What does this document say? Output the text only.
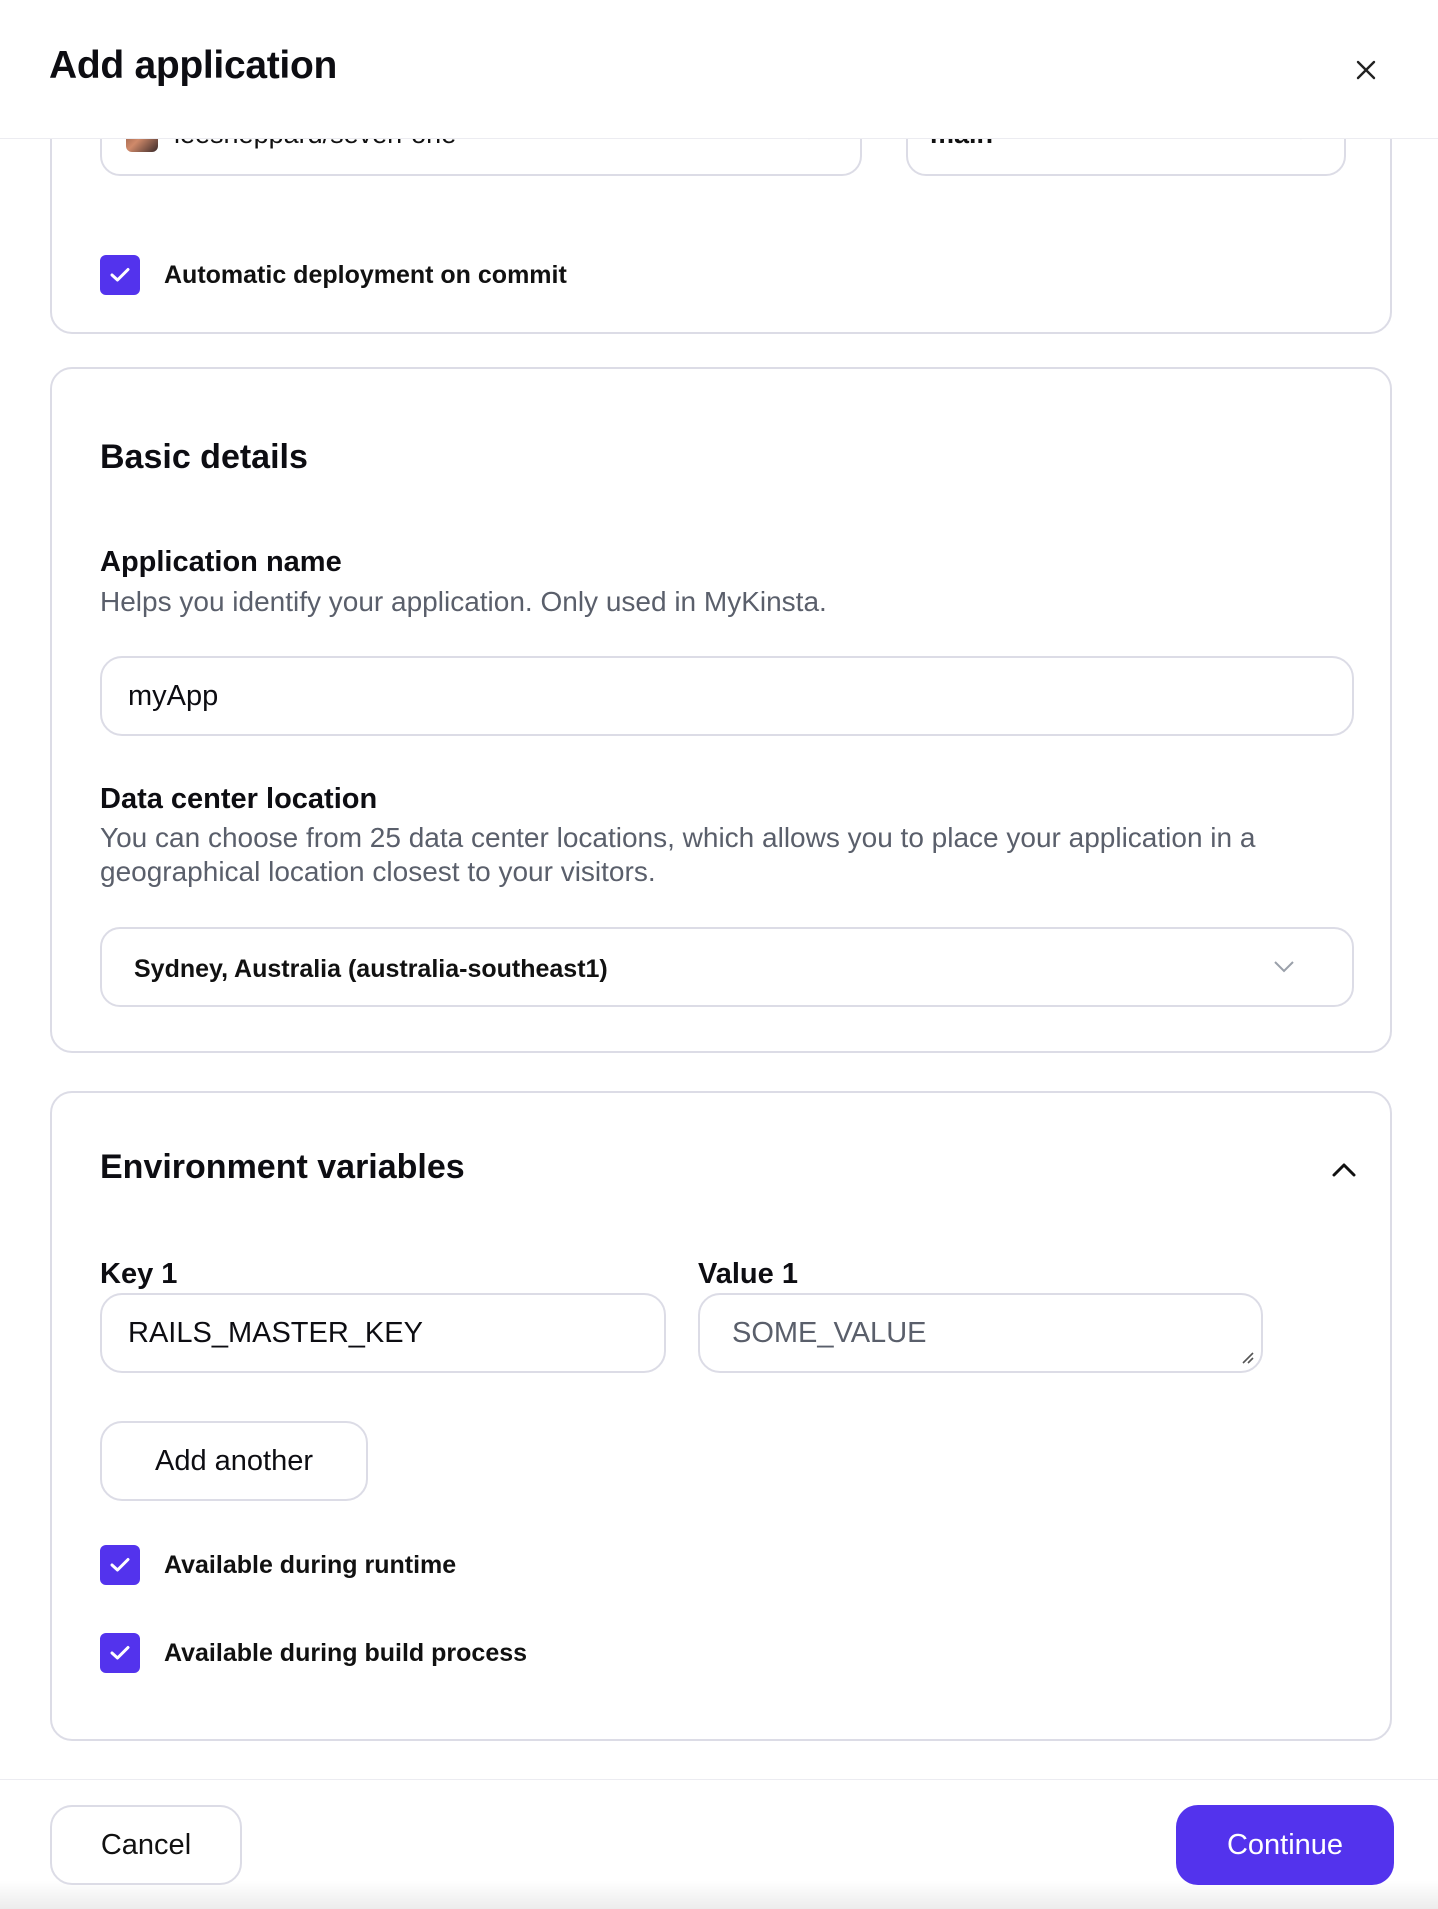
Automatic deployment on commit
Basic details
Application name
Helps you identify your application. Only used in MyKinsta.
myApp
Data center location
You can choose from 25 data center locations, which allows you to place your application in a geographical location closest to your visitors.
Sydney, Australia (australia-southeast1)
Environment variables
Key 1
RAILS_MASTER_KEY
Value 1
SOME_VALUE
Add another
Available during runtime
Available during build process
Add application
Cancel	Continue
